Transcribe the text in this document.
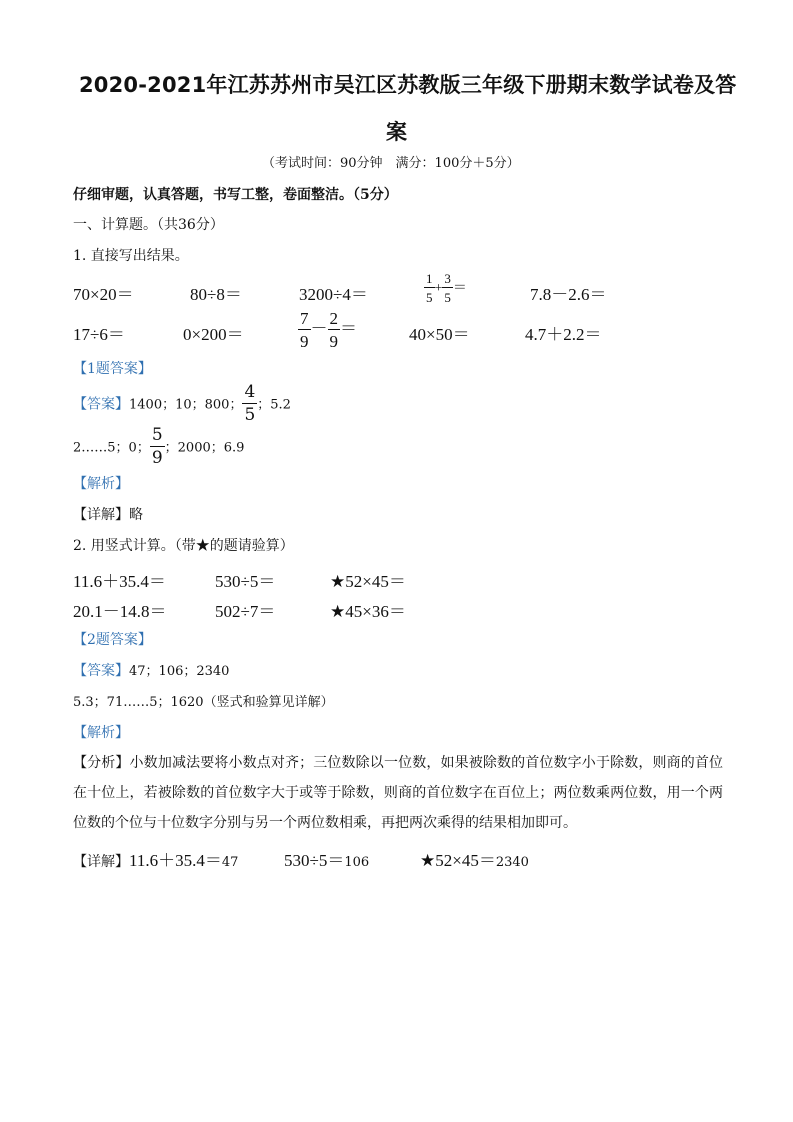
2020-2021年江苏苏州市吴江区苏教版三年级下册期末数学试卷及答
案
（考试时间：90分钟　满分：100分＋5分）
仔细审题，认真答题，书写工整，卷面整洁。（5分）
一、计算题。（共36分）
1. 直接写出结果。
70×20＝	80÷8＝	3200÷4＝	$\frac{1}{5} + \frac{3}{5}$ ＝	7.8－2.6＝
17÷6＝	0×200＝	$\frac{7}{9} - \frac{2}{9}$ ＝	40×50＝	4.7＋2.2＝
【1题答案】
【答案】1400；10；800； $\frac{4}{5}$ ；5.2
2……5；0； $\frac{5}{9}$ ；2000；6.9
【解析】
【详解】略
2. 用竖式计算。（带★的题请验算）
11.6＋35.4＝	530÷5＝	★52×45＝
20.1－14.8＝	502÷7＝	★45×36＝
【2题答案】
【答案】47；106；2340
5.3；71……5；1620（竖式和验算见详解）
【解析】
【分析】小数加减法要将小数点对齐；三位数除以一位数，如果被除数的首位数字小于除数，则商的首位在十位上，若被除数的首位数字大于或等于除数，则商的首位数字在百位上；两位数乘两位数，用一个两位数的个位与十位数字分别与另一个两位数相乘，再把两次乘得的结果相加即可。
【详解】11.6＋35.4＝47	530÷5＝106	★52×45＝2340
